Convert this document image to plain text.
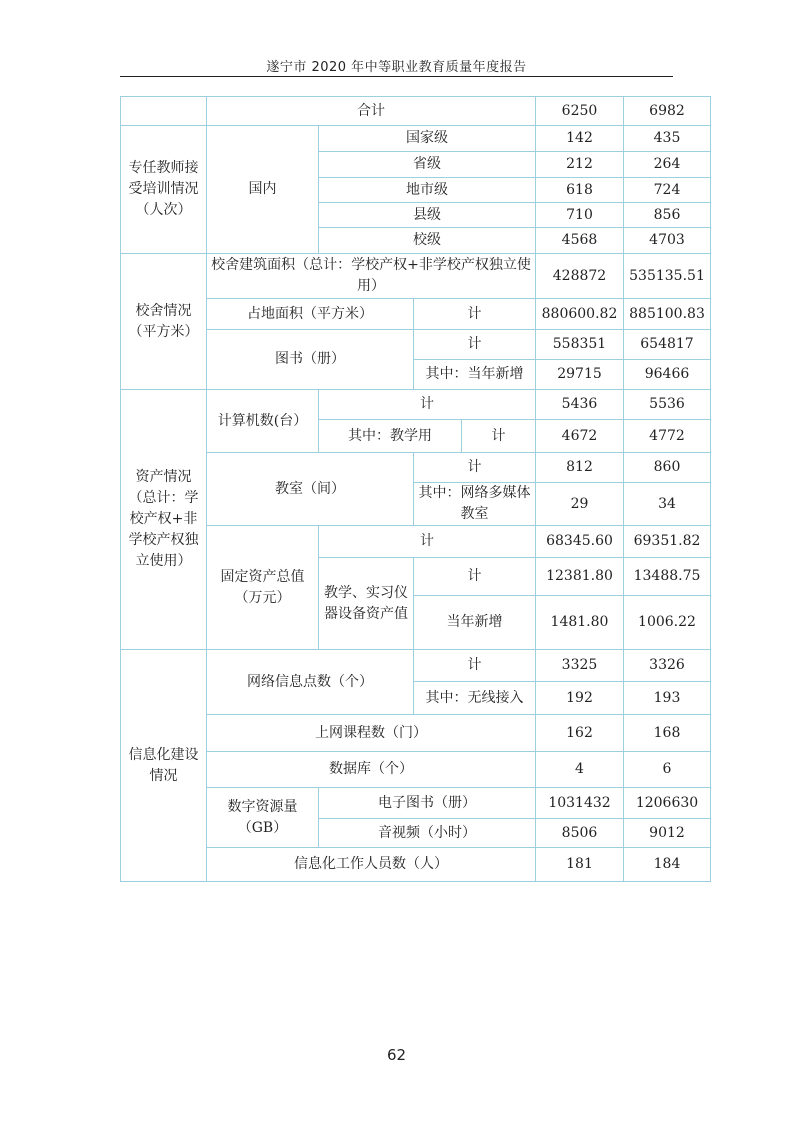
遂宁市 2020 年中等职业教育质量年度报告
	合计				6250	6982
专任教师接受培训情况（人次）	国内	国家级			142	435
		省级			212	264
		地市级			618	724
		县级			710	856
		校级			4568	4703
校舍情况（平方米）	校舍建筑面积（总计：学校产权+非学校产权独立使用）				428872	535135.51
	占地面积（平方米）		计		880600.82	885100.83
	图书（册）		计		558351	654817
			其中：当年新增		29715	96466
资产情况（总计：学校产权+非学校产权独立使用）	计算机数(台）	计			5436	5536
		其中：教学用		计	4672	4772
	教室（间）		计		812	860
			其中：网络多媒体教室		29	34
	固定资产总值（万元）	计			68345.60	69351.82
		教学、实习仪器设备资产值	计		12381.80	13488.75
			当年新增		1481.80	1006.22
信息化建设情况	网络信息点数（个）		计		3325	3326
			其中：无线接入		192	193
	上网课程数（门）				162	168
	数据库（个）				4	6
	数字资源量（GB）	电子图书（册）			1031432	1206630
		音视频（小时）			8506	9012
	信息化工作人员数（人）				181	184
62
